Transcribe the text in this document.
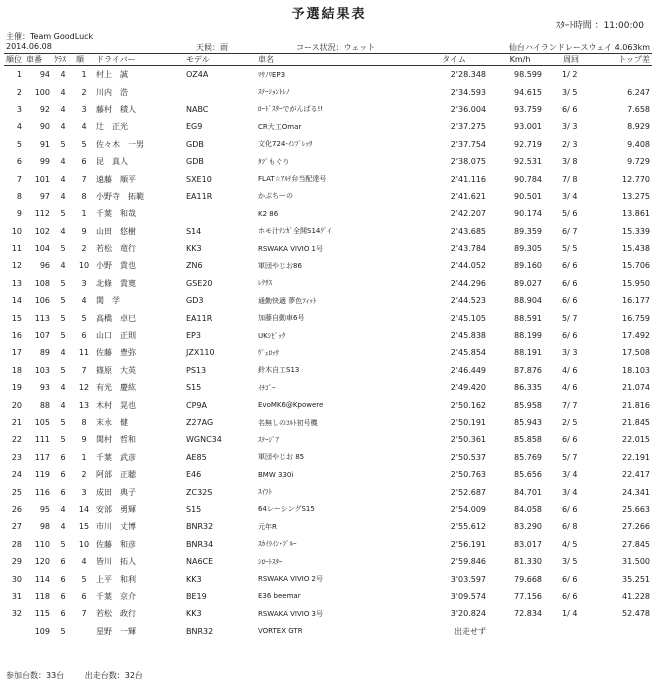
予選結果表
ｽﾀｰﾄ時間 ：11:00:00
主催：Team GoodLuck
2014.06.08	天候：雨	コース状況：ウェット	仙台ハイランドレースウェイ 4.063km
順位	車番	ｸﾗｽ	順	ドライバー	モデル	車名	タイム	Km/h	周回	トップ差
1	94	4	1	村上　誠	OZ4A	ﾏｻﾉﾘEP3	2'28.348	98.599	1/ 2	
2	100	4	2	川内　浩		ｽﾃｰｼｮﾝﾄﾚﾉ	2'34.593	94.615	3/ 5	6.247
3	92	4	3	藤村　積人	NABC	ﾛｰﾄﾞｽﾀｰでがんばる!!	2'36.004	93.759	6/ 6	7.658
4	90	4	4	辻　正光	EG9	CR大工Omar	2'37.275	93.001	3/ 3	8.929
5	91	5	5	佐々木　一男	GDB	文化724-ｲﾝﾌﾟﾚｯｻ	2'37.754	92.719	2/ 3	9.408
6	99	4	6	昆　真人	GDB	ﾀﾌﾞもぐり	2'38.075	92.531	3/ 8	9.729
7	101	4	7	遠藤　順平	SXE10	FLAT☆ｱﾙﾃ弁当配達号	2'41.116	90.784	7/ 8	12.770
8	97	4	8	小野寺　拓範	EA11R	かぷちーの	2'41.621	90.501	3/ 4	13.275
9	112	5	1	千葉　和哉		K2 86	2'42.207	90.174	5/ 6	13.861
10	102	4	9	山田　悠樹	S14	ホモ汁ﾃﾝｶﾞ全開S14ｸﾞｲ	2'43.685	89.359	6/ 7	15.339
11	104	5	2	若松　竜行	KK3	RSWAKA VIVIO 1号	2'43.784	89.305	5/ 5	15.438
12	96	4	10	小野　貴也	ZN6	軍団やじお86	2'44.052	89.160	6/ 6	15.706
13	108	5	3	北條　貴寛	GSE20	ﾚｸｻｽ	2'44.296	89.027	6/ 6	15.950
14	106	5	4	関　学	GD3	通勤快適 夢色ﾌｨｯﾄ	2'44.523	88.904	6/ 6	16.177
15	113	5	5	高橋　卓巳	EA11R	加藤自動車6号	2'45.105	88.591	5/ 7	16.759
16	107	5	6	山口　正則	EP3	UKｼﾋﾞｯｸ	2'45.838	88.199	6/ 6	17.492
17	89	4	11	佐藤　豊弥	JZX110	ｳﾞｪﾛｯｻ	2'45.854	88.191	3/ 3	17.508
18	103	5	7	篠原　大英	PS13	鈴木自工S13	2'46.449	87.876	4/ 6	18.103
19	93	4	12	有光　慶紘	S15	ｲﾁｺﾞｰ	2'49.420	86.335	4/ 6	21.074
20	88	4	13	木村　晃也	CP9A	EvoMK6@Kpowere	2'50.162	85.958	7/ 7	21.816
21	105	5	8	末永　健	Z27AG	名無しのｺﾙﾄ初号機	2'50.191	85.943	2/ 5	21.845
22	111	5	9	関村　哲和	WGNC34	ｽﾃｰｼﾞｱ	2'50.361	85.858	6/ 6	22.015
23	117	6	1	千葉　武彦	AE85	軍団やじお 85	2'50.537	85.769	5/ 7	22.191
24	119	6	2	阿部　正聴	E46	BMW 330i	2'50.763	85.656	3/ 4	22.417
25	116	6	3	成田　典子	ZC32S	ｽｲﾌﾄ	2'52.687	84.701	3/ 4	24.341
26	95	4	14	安部　勇輝	S15	64レーシングS15	2'54.009	84.058	6/ 6	25.663
27	98	4	15	市川　丈博	BNR32	元年R	2'55.612	83.290	6/ 8	27.266
28	110	5	10	佐藤　和彦	BNR34	ｽｶｲﾗｲﾝ･ﾌﾞﾙｰ	2'56.191	83.017	4/ 5	27.845
29	120	6	4	皆川　拓人	NA6CE	ｼﾛｰﾄｽﾀｰ	2'59.846	81.330	3/ 5	31.500
30	114	6	5	上平　和利	KK3	RSWAKA VIVIO 2号	3'03.597	79.668	6/ 6	35.251
31	118	6	6	千葉　京介	BE19	E36 beemar	3'09.574	77.156	6/ 6	41.228
32	115	6	7	若松　政行	KK3	RSWAKA VIVIO 3号	3'20.824	72.834	1/ 4	52.478
	109	5		星野　一輝	BNR32	VORTEX GTR	出走せず			
参加台数：33台	出走台数：32台
